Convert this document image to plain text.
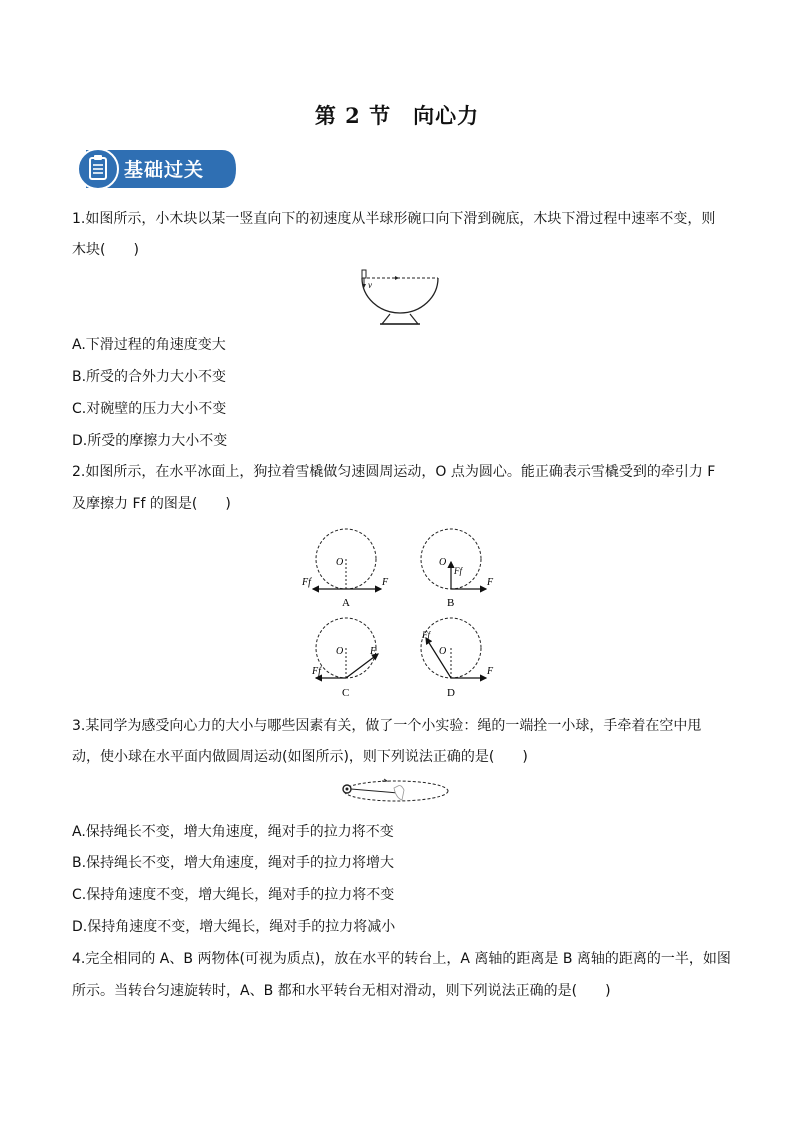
第 2 节　向心力
基础过关
1.如图所示，小木块以某一竖直向下的初速度从半球形碗口向下滑到碗底，木块下滑过程中速率不变，则
木块(　　)
v
A.下滑过程的角速度变大
B.所受的合外力大小不变
C.对碗壁的压力大小不变
D.所受的摩擦力大小不变
2.如图所示，在水平冰面上，狗拉着雪橇做匀速圆周运动，O 点为圆心。能正确表示雪橇受到的牵引力 F
及摩擦力 Ff 的图是(　　)
O
F
Ff
A
O
Ff
F
B
O	F
Ff
C
O
Ff
F
D
3.某同学为感受向心力的大小与哪些因素有关，做了一个小实验：绳的一端拴一小球，手牵着在空中甩
动，使小球在水平面内做圆周运动(如图所示)，则下列说法正确的是(　　)
A.保持绳长不变，增大角速度，绳对手的拉力将不变
B.保持绳长不变，增大角速度，绳对手的拉力将增大
C.保持角速度不变，增大绳长，绳对手的拉力将不变
D.保持角速度不变，增大绳长，绳对手的拉力将减小
4.完全相同的 A、B 两物体(可视为质点)，放在水平的转台上，A 离轴的距离是 B 离轴的距离的一半，如图
所示。当转台匀速旋转时，A、B 都和水平转台无相对滑动，则下列说法正确的是(　　)
